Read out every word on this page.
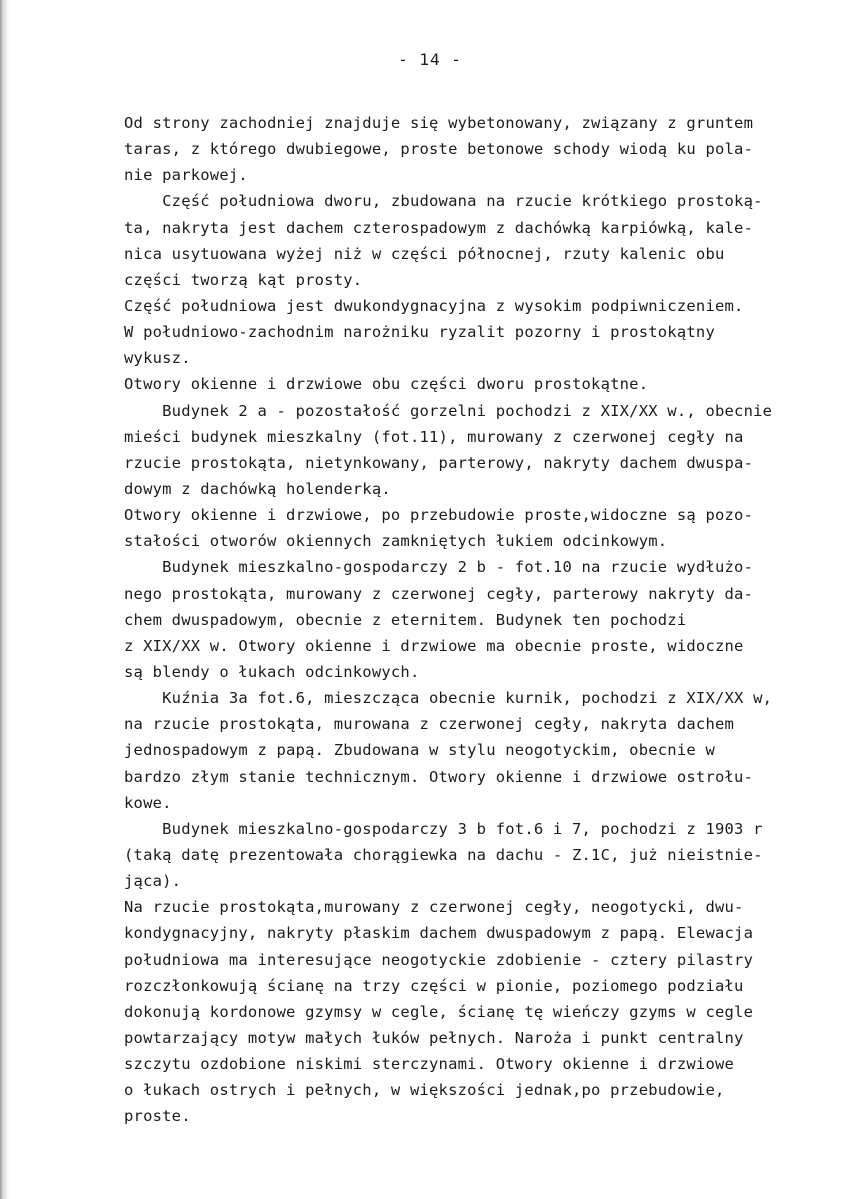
- 14 -
Od strony zachodniej znajduje się wybetonowany, związany z gruntem
taras, z którego dwubiegowe, proste betonowe schody wiodą ku pola-
nie parkowej.
Część południowa dworu, zbudowana na rzucie krótkiego prostoką-
ta, nakryta jest dachem czterospadowym z dachówką karpiówką, kale-
nica usytuowana wyżej niż w części północnej, rzuty kalenic obu
części tworzą kąt prosty.
Część południowa jest dwukondygnacyjna z wysokim podpiwniczeniem.
W południowo-zachodnim narożniku ryzalit pozorny i prostokątny
wykusz.
Otwory okienne i drzwiowe obu części dworu prostokątne.
Budynek 2 a - pozostałość gorzelni pochodzi z XIX/XX w., obecnie
mieści budynek mieszkalny (fot.11), murowany z czerwonej cegły na
rzucie prostokąta, nietynkowany, parterowy, nakryty dachem dwuspa-
dowym z dachówką holenderką.
Otwory okienne i drzwiowe, po przebudowie proste,widoczne są pozo-
stałości otworów okiennych zamkniętych łukiem odcinkowym.
Budynek mieszkalno-gospodarczy 2 b - fot.10 na rzucie wydłużo-
nego prostokąta, murowany z czerwonej cegły, parterowy nakryty da-
chem dwuspadowym, obecnie z eternitem. Budynek ten pochodzi
z XIX/XX w. Otwory okienne i drzwiowe ma obecnie proste, widoczne
są blendy o łukach odcinkowych.
Kuźnia 3a fot.6, mieszcząca obecnie kurnik, pochodzi z XIX/XX w,
na rzucie prostokąta, murowana z czerwonej cegły, nakryta dachem
jednospadowym z papą. Zbudowana w stylu neogotyckim, obecnie w
bardzo złym stanie technicznym. Otwory okienne i drzwiowe ostrołu-
kowe.
Budynek mieszkalno-gospodarczy 3 b fot.6 i 7, pochodzi z 1903 r
(taką datę prezentowała chorągiewka na dachu - Z.1C, już nieistnie-
jąca).
Na rzucie prostokąta,murowany z czerwonej cegły, neogotycki, dwu-
kondygnacyjny, nakryty płaskim dachem dwuspadowym z papą. Elewacja
południowa ma interesujące neogotyckie zdobienie - cztery pilastry
rozczłonkowują ścianę na trzy części w pionie, poziomego podziału
dokonują kordonowe gzymsy w cegle, ścianę tę wieńczy gzyms w cegle
powtarzający motyw małych łuków pełnych. Naroża i punkt centralny
szczytu ozdobione niskimi sterczynami. Otwory okienne i drzwiowe
o łukach ostrych i pełnych, w większości jednak,po przebudowie,
proste.
